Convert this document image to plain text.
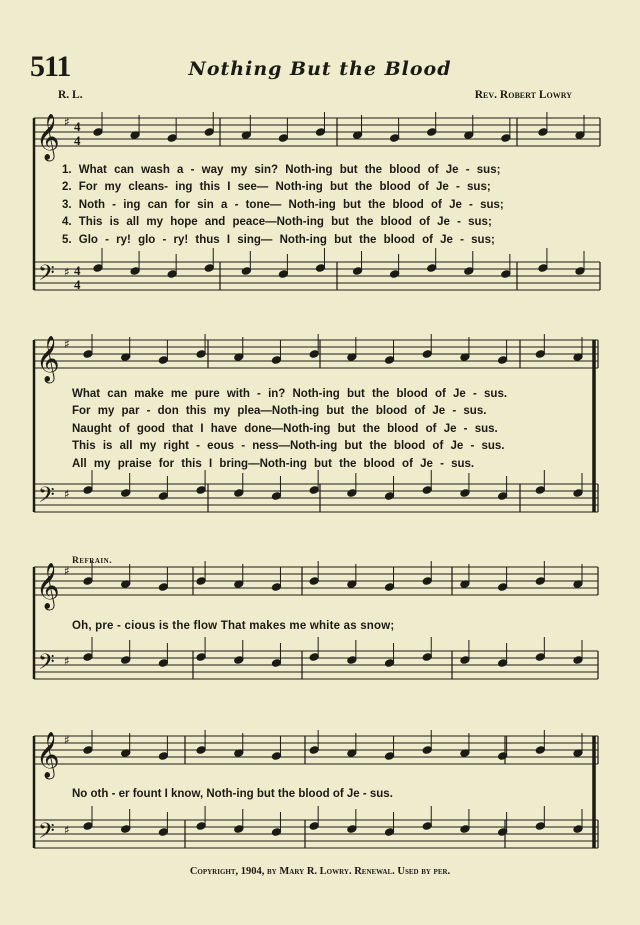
511	Nothing But the Blood
R. L.	Rev. Robert Lowry
𝄞
𝄢
♯
♯
4
4
4
4
𝄞
𝄢
♯
♯
𝄞
𝄢
♯
♯
𝄞
𝄢
♯
♯
1. What can wash a - way my sin? Noth-ing but the blood of Je - sus;
2. For my cleans- ing this I see— Noth-ing but the blood of Je - sus;
3. Noth - ing can for sin a - tone— Noth-ing but the blood of Je - sus;
4. This is all my hope and peace—Noth-ing but the blood of Je - sus;
5. Glo - ry! glo - ry! thus I sing— Noth-ing but the blood of Je - sus;
What can make me pure with - in? Noth-ing but the blood of Je - sus.
For my par - don this my plea—Noth-ing but the blood of Je - sus.
Naught of good that I have done—Noth-ing but the blood of Je - sus.
This is all my right - eous - ness—Noth-ing but the blood of Je - sus.
All my praise for this I bring—Noth-ing but the blood of Je - sus.
Refrain.
Oh, pre - cious is the flow That makes me white as snow;
No oth - er fount I know, Noth-ing but the blood of Je - sus.
Copyright, 1904, by Mary R. Lowry. Renewal. Used by per.
